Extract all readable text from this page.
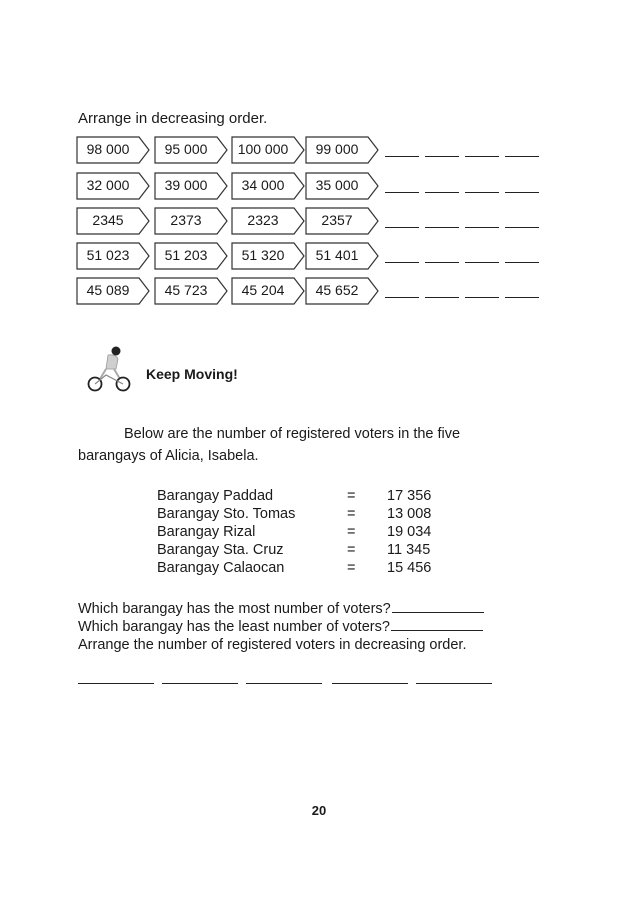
Arrange in decreasing order.
98 000	95 000	100 000	99 000
32 000	39 000	34 000	35 000
2345	2373	2323	2357
51 023	51 203	51 320	51 401
45 089	45 723	45 204	45 652
Keep Moving!
Below are the number of registered voters in the five
barangays of Alicia, Isabela.
Barangay Paddad	= 17 356
Barangay Sto. Tomas	= 13 008
Barangay Rizal	= 19 034
Barangay Sta. Cruz	= 11 345
Barangay Calaocan	= 15 456
Which barangay has the most number of voters?
Which barangay has the least number of voters?
Arrange the number of registered voters in decreasing order.
20
